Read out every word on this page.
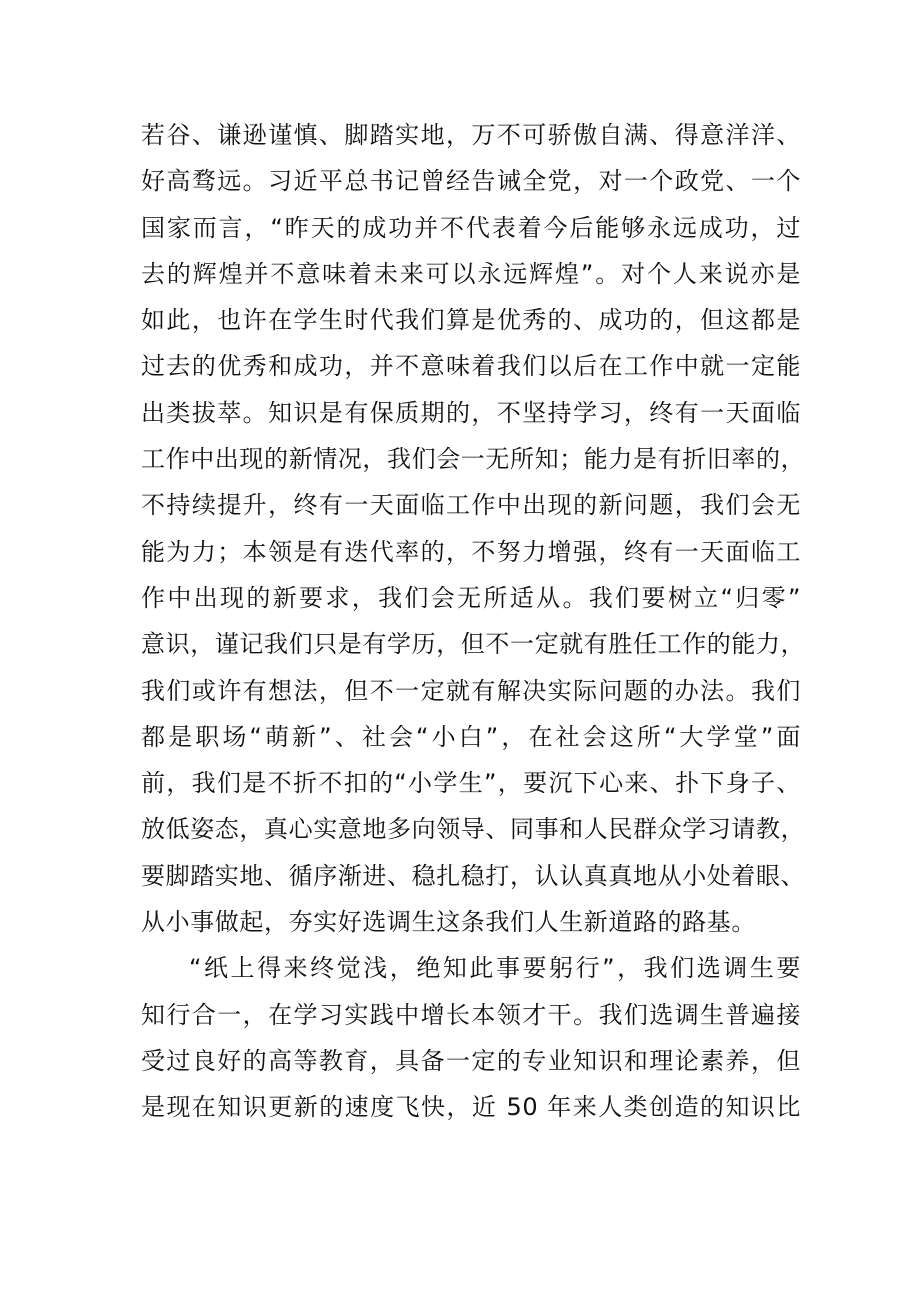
若谷、谦逊谨慎、脚踏实地，万不可骄傲自满、得意洋洋、
好高骛远。习近平总书记曾经告诫全党，对一个政党、一个
国家而言，“昨天的成功并不代表着今后能够永远成功，过
去的辉煌并不意味着未来可以永远辉煌”。对个人来说亦是
如此，也许在学生时代我们算是优秀的、成功的，但这都是
过去的优秀和成功，并不意味着我们以后在工作中就一定能
出类拔萃。知识是有保质期的，不坚持学习，终有一天面临
工作中出现的新情况，我们会一无所知；能力是有折旧率的，
不持续提升，终有一天面临工作中出现的新问题，我们会无
能为力；本领是有迭代率的，不努力增强，终有一天面临工
作中出现的新要求，我们会无所适从。我们要树立“归零”
意识，谨记我们只是有学历，但不一定就有胜任工作的能力，
我们或许有想法，但不一定就有解决实际问题的办法。我们
都是职场“萌新”、社会“小白”，在社会这所“大学堂”面
前，我们是不折不扣的“小学生”，要沉下心来、扑下身子、
放低姿态，真心实意地多向领导、同事和人民群众学习请教，
要脚踏实地、循序渐进、稳扎稳打，认认真真地从小处着眼、
从小事做起，夯实好选调生这条我们人生新道路的路基。
“纸上得来终觉浅，绝知此事要躬行”，我们选调生要
知行合一，在学习实践中增长本领才干。我们选调生普遍接
受过良好的高等教育，具备一定的专业知识和理论素养，但
是现在知识更新的速度飞快，近 50 年来人类创造的知识比
